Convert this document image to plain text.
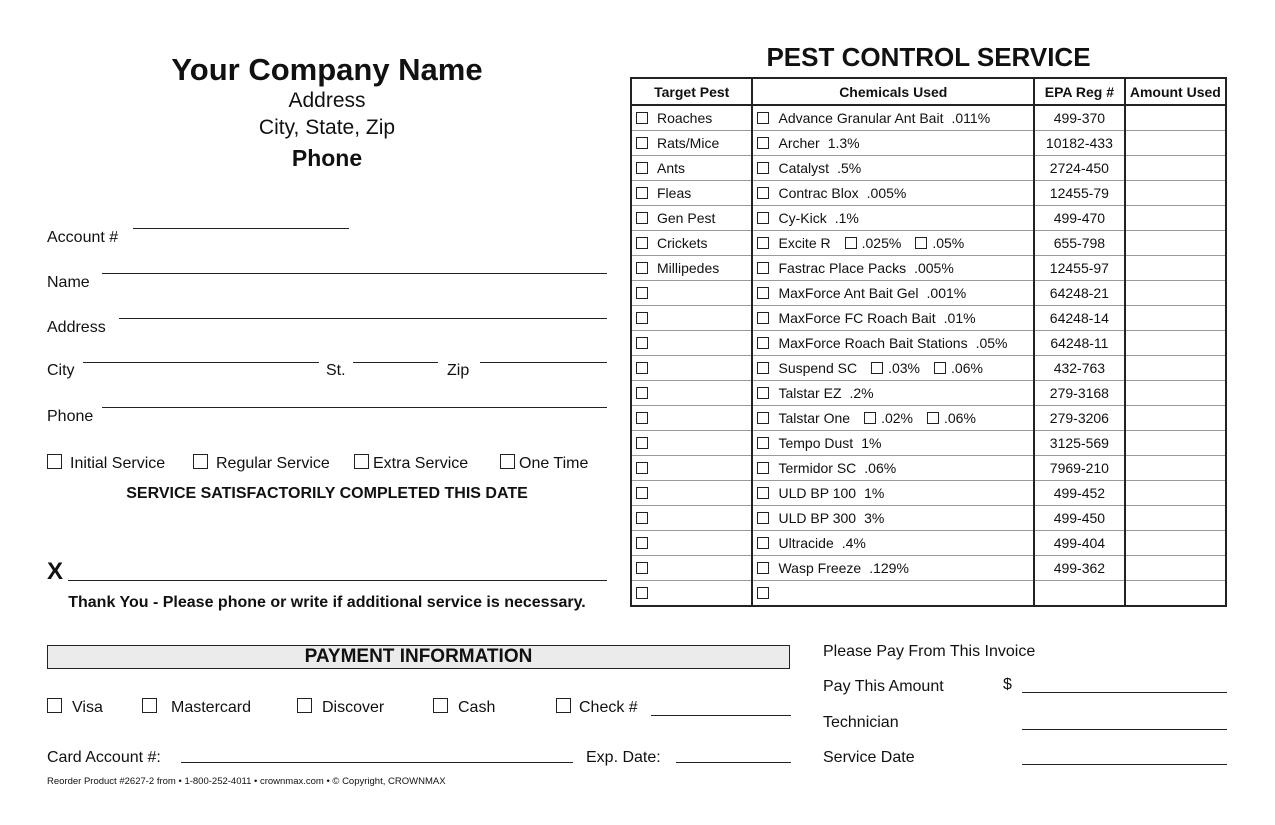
Your Company Name
Address
City, State, Zip
Phone
Account #
Name
Address
City	St.	Zip
Phone
Initial Service	Regular Service	Extra Service	One Time
SERVICE SATISFACTORILY COMPLETED THIS DATE
X
Thank You - Please phone or write if additional service is necessary.
PEST CONTROL SERVICE
Target Pest	Chemicals Used	EPA Reg #	Amount Used
Roaches	Advance Granular Ant Bait .011%	499-370	
Rats/Mice	Archer 1.3%	10182-433	
Ants	Catalyst .5%	2724-450	
Fleas	Contrac Blox .005%	12455-79	
Gen Pest	Cy-Kick .1%	499-470	
Crickets	Excite R .025% .05%	655-798	
Millipedes	Fastrac Place Packs .005%	12455-97	
	MaxForce Ant Bait Gel .001%	64248-21	
	MaxForce FC Roach Bait .01%	64248-14	
	MaxForce Roach Bait Stations .05%	64248-11	
	Suspend SC .03% .06%	432-763	
	Talstar EZ .2%	279-3168	
	Talstar One .02% .06%	279-3206	
	Tempo Dust 1%	3125-569	
	Termidor SC .06%	7969-210	
	ULD BP 100 1%	499-452	
	ULD BP 300 3%	499-450	
	Ultracide .4%	499-404	
	Wasp Freeze .129%	499-362	

PAYMENT INFORMATION
Visa	Mastercard	Discover	Cash	Check #
Card Account #:	Exp. Date:
Reorder Product #2627-2 from • 1-800-252-4011 • crownmax.com • © Copyright, CROWNMAX
Please Pay From This Invoice
Pay This Amount	$
Technician
Service Date
